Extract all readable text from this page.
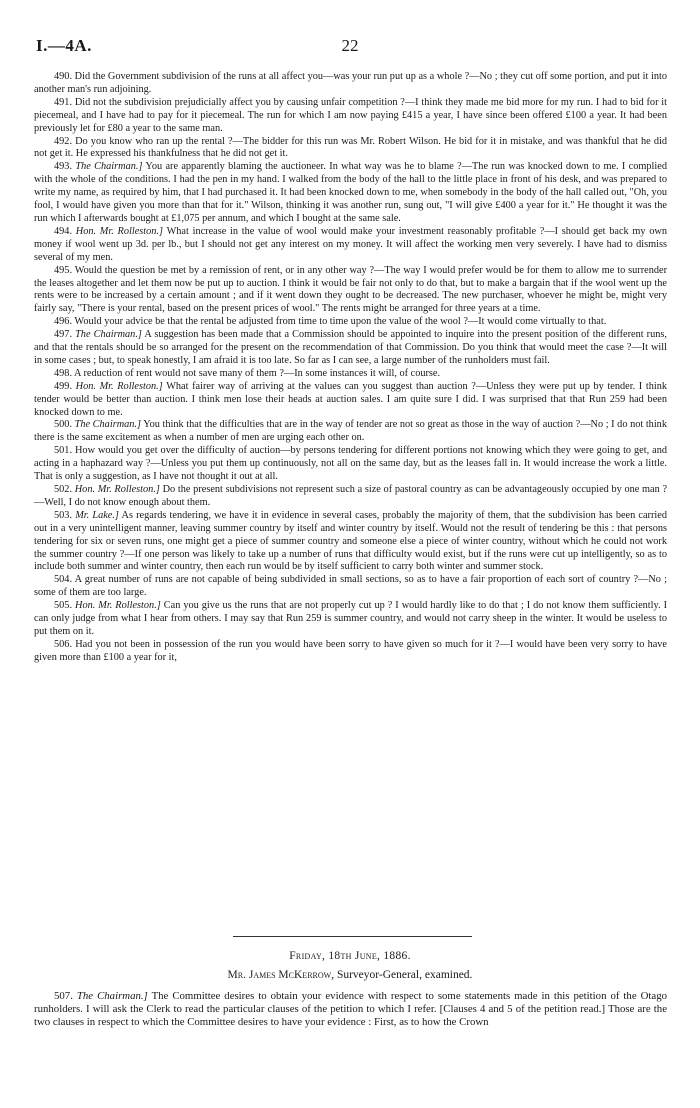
I.—4A.	22

490. Did the Government subdivision of the runs at all affect you—was your run put up as a whole ?—No ; they cut off some portion, and put it into another man's run adjoining.

491. Did not the subdivision prejudicially affect you by causing unfair competition ?—I think they made me bid more for my run. I had to bid for it piecemeal, and I have had to pay for it piecemeal. The run for which I am now paying £415 a year, I have since been offered £100 a year. It had been previously let for £80 a year to the same man.

492. Do you know who ran up the rental ?—The bidder for this run was Mr. Robert Wilson. He bid for it in mistake, and was thankful that he did not get it. He expressed his thankfulness that he did not get it.

493. The Chairman.] You are apparently blaming the auctioneer. In what way was he to blame ?—The run was knocked down to me. I complied with the whole of the conditions. I had the pen in my hand. I walked from the body of the hall to the little place in front of his desk, and was prepared to write my name, as required by him, that I had purchased it. It had been knocked down to me, when somebody in the body of the hall called out, "Oh, you fool, I would have given you more than that for it." Wilson, thinking it was another run, sung out, "I will give £400 a year for it." He thought it was the run which I afterwards bought at £1,075 per annum, and which I bought at the same sale.

494. Hon. Mr. Rolleston.] What increase in the value of wool would make your investment reasonably profitable ?—I should get back my own money if wool went up 3d. per lb., but I should not get any interest on my money. It will affect the working men very severely. I have had to dismiss several of my men.

495. Would the question be met by a remission of rent, or in any other way ?—The way I would prefer would be for them to allow me to surrender the leases altogether and let them now be put up to auction. I think it would be fair not only to do that, but to make a bargain that if the wool went up the rents were to be increased by a certain amount ; and if it went down they ought to be decreased. The new purchaser, whoever he might be, might very fairly say, "There is your rental, based on the present prices of wool." The rents might be arranged for three years at a time.

496. Would your advice be that the rental be adjusted from time to time upon the value of the wool ?—It would come virtually to that.

497. The Chairman.] A suggestion has been made that a Commission should be appointed to inquire into the present position of the different runs, and that the rentals should be so arranged for the present on the recommendation of that Commission. Do you think that would meet the case ?—It will in some cases ; but, to speak honestly, I am afraid it is too late. So far as I can see, a large number of the runholders must fail.

498. A reduction of rent would not save many of them ?—In some instances it will, of course.

499. Hon. Mr. Rolleston.] What fairer way of arriving at the values can you suggest than auction ?—Unless they were put up by tender. I think tender would be better than auction. I think men lose their heads at auction sales. I am quite sure I did. I was surprised that that Run 259 had been knocked down to me.

500. The Chairman.] You think that the difficulties that are in the way of tender are not so great as those in the way of auction ?—No ; I do not think there is the same excitement as when a number of men are urging each other on.

501. How would you get over the difficulty of auction—by persons tendering for different portions not knowing which they were going to get, and acting in a haphazard way ?—Unless you put them up continuously, not all on the same day, but as the leases fall in. It would increase the work a little. That is only a suggestion, as I have not thought it out at all.

502. Hon. Mr. Rolleston.] Do the present subdivisions not represent such a size of pastoral country as can be advantageously occupied by one man ?—Well, I do not know enough about them.

503. Mr. Lake.] As regards tendering, we have it in evidence in several cases, probably the majority of them, that the subdivision has been carried out in a very unintelligent manner, leaving summer country by itself and winter country by itself. Would not the result of tendering be this : that persons tendering for six or seven runs, one might get a piece of summer country and someone else a piece of winter country, without which he could not work the summer country ?—If one person was likely to take up a number of runs that difficulty would exist, but if the runs were cut up intelligently, so as to include both summer and winter country, then each run would be by itself sufficient to carry both winter and summer stock.

504. A great number of runs are not capable of being subdivided in small sections, so as to have a fair proportion of each sort of country ?—No ; some of them are too large.

505. Hon. Mr. Rolleston.] Can you give us the runs that are not properly cut up ? I would hardly like to do that ; I do not know them sufficiently. I can only judge from what I hear from others. I may say that Run 259 is summer country, and would not carry sheep in the winter. It would be useless to put them on it.

506. Had you not been in possession of the run you would have been sorry to have given so much for it ?—I would have been very sorry to have given more than £100 a year for it,

Friday, 18th June, 1886.
Mr. James McKerrow, Surveyor-General, examined.

507. The Chairman.] The Committee desires to obtain your evidence with respect to some statements made in this petition of the Otago runholders. I will ask the Clerk to read the particular clauses of the petition to which I refer. [Clauses 4 and 5 of the petition read.] Those are the two clauses in respect to which the Committee desires to have your evidence : First, as to how the Crown
